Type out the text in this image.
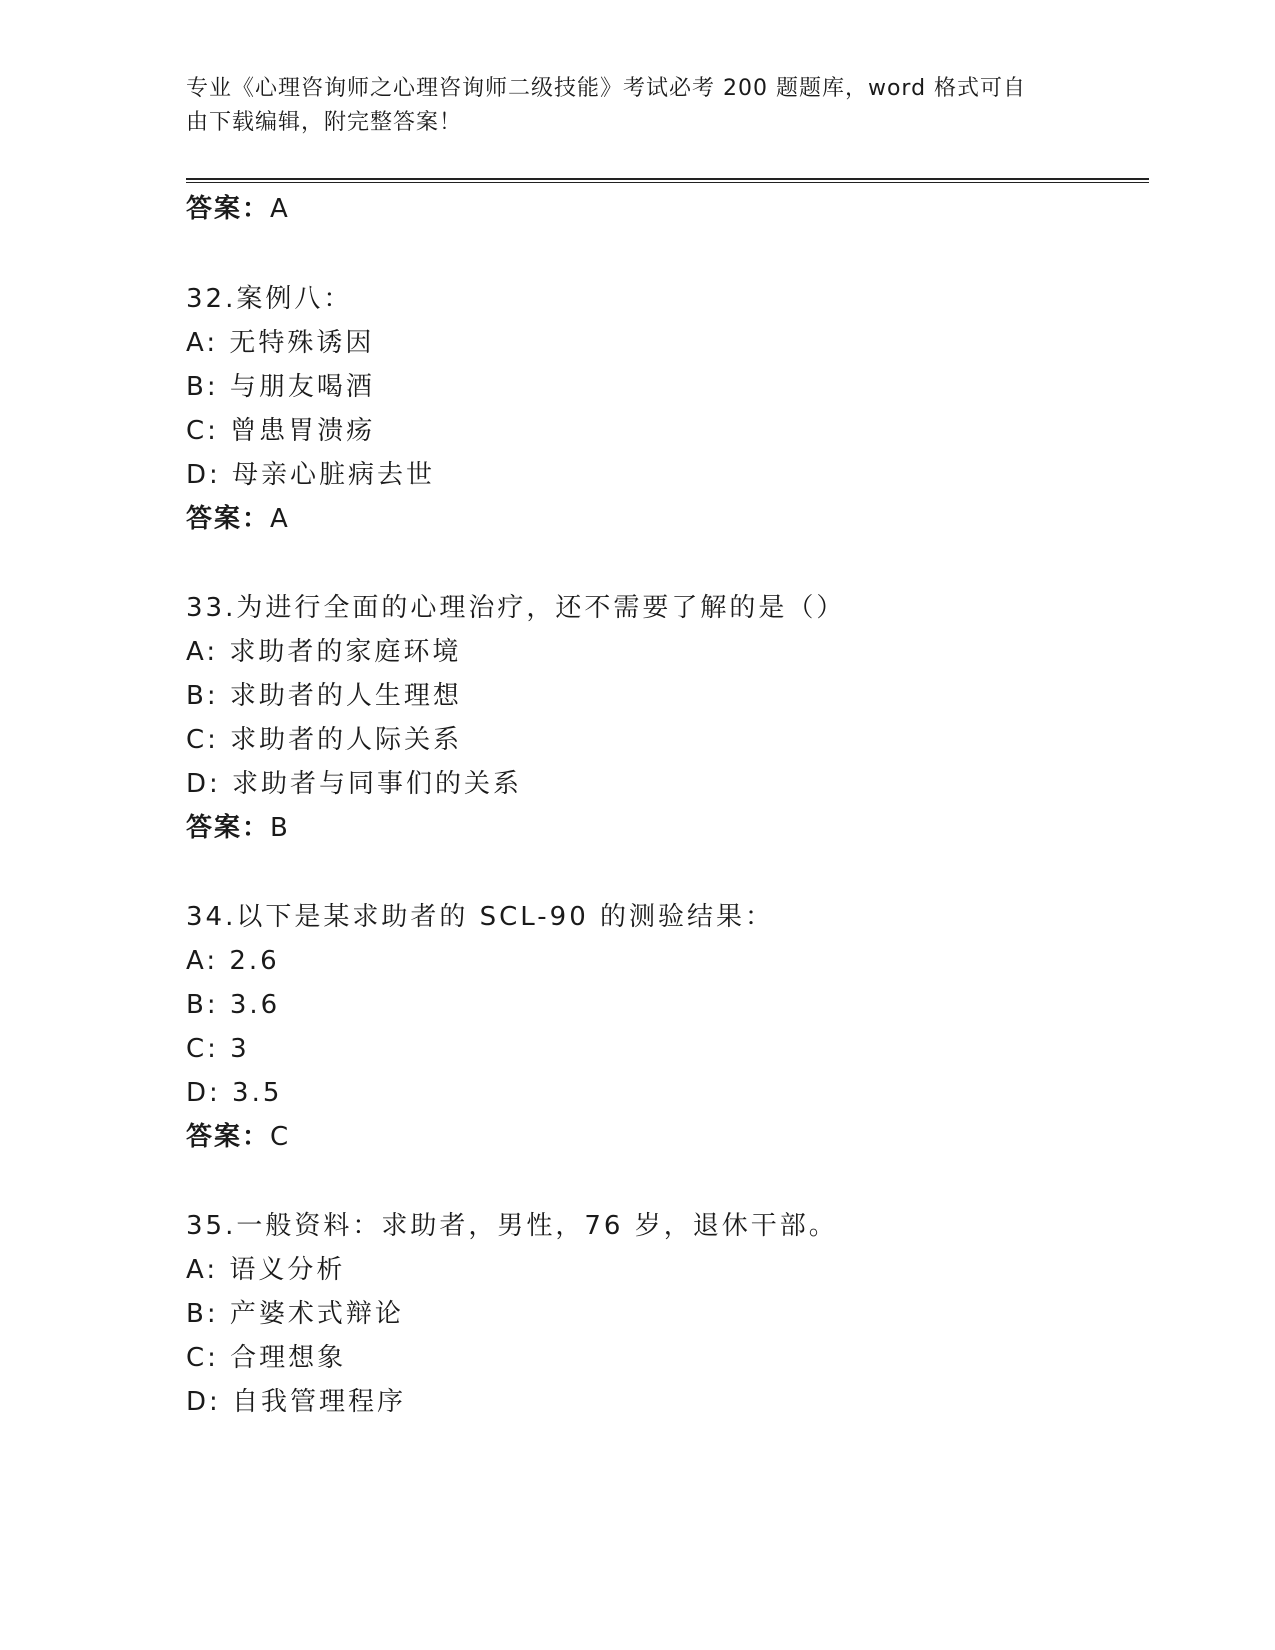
专业《心理咨询师之心理咨询师二级技能》考试必考 200 题题库，word 格式可自
由下载编辑，附完整答案！
答案：A
32.案例八：
A: 无特殊诱因
B: 与朋友喝酒
C: 曾患胃溃疡
D: 母亲心脏病去世
答案：A
33.为进行全面的心理治疗，还不需要了解的是（）
A: 求助者的家庭环境
B: 求助者的人生理想
C: 求助者的人际关系
D: 求助者与同事们的关系
答案：B
34.以下是某求助者的 SCL-90 的测验结果：
A: 2.6
B: 3.6
C: 3
D: 3.5
答案：C
35.一般资料：求助者，男性，76 岁，退休干部。
A: 语义分析
B: 产婆术式辩论
C: 合理想象
D: 自我管理程序
